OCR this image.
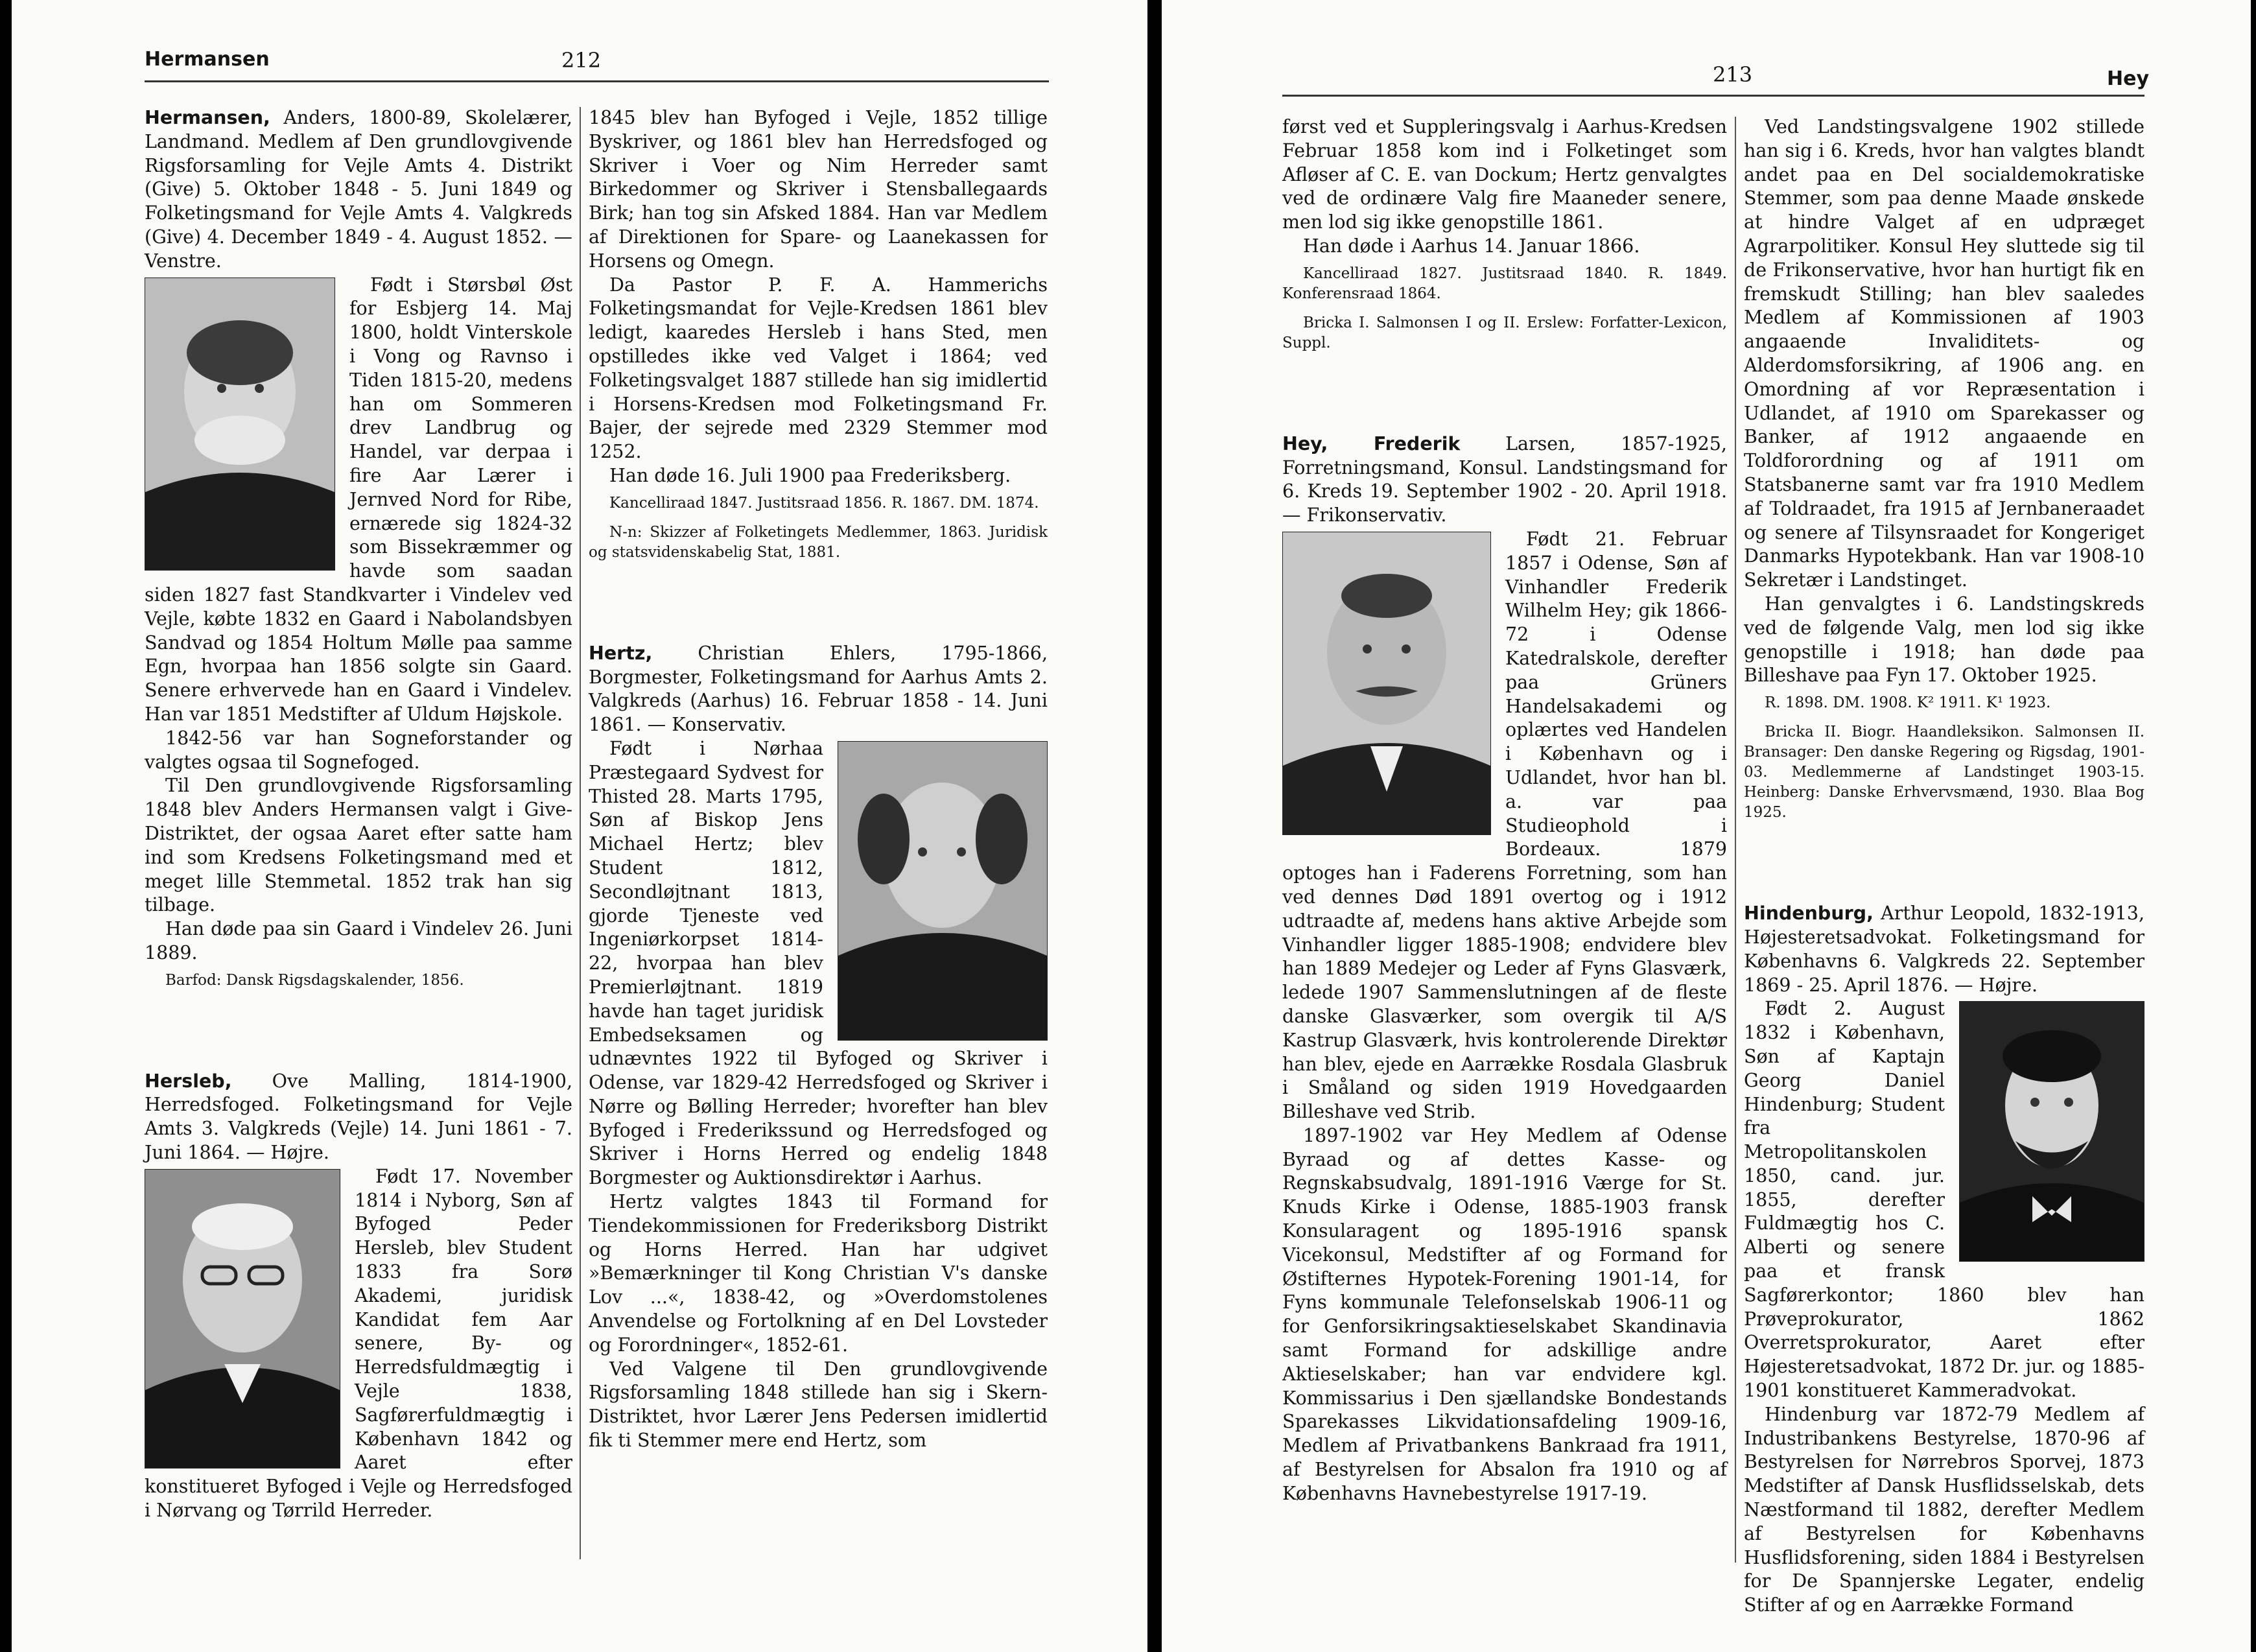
Hermansen	212

Hermansen, Anders, 1800-89, Skolelærer, Landmand. Medlem af Den grundlovgivende Rigsforsamling for Vejle Amts 4. Distrikt (Give) 5. Oktober 1848 - 5. Juni 1849 og Folketingsmand for Vejle Amts 4. Valgkreds (Give) 4. December 1849 - 4. August 1852. — Venstre.

Født i Størsbøl Øst for Esbjerg 14. Maj 1800, holdt Vinterskole i Vong og Ravnso i Tiden 1815-20, medens han om Sommeren drev Landbrug og Handel, var derpaa i fire Aar Lærer i Jernved Nord for Ribe, ernærede sig 1824-32 som Bissekræmmer og havde som saadan siden 1827 fast Standkvarter i Vindelev ved Vejle, købte 1832 en Gaard i Nabolandsbyen Sandvad og 1854 Holtum Mølle paa samme Egn, hvorpaa han 1856 solgte sin Gaard. Senere erhvervede han en Gaard i Vindelev. Han var 1851 Medstifter af Uldum Højskole.

1842-56 var han Sogneforstander og valgtes ogsaa til Sognefoged.

Til Den grundlovgivende Rigsforsamling 1848 blev Anders Hermansen valgt i Give-Distriktet, der ogsaa Aaret efter satte ham ind som Kredsens Folketingsmand med et meget lille Stemmetal. 1852 trak han sig tilbage.

Han døde paa sin Gaard i Vindelev 26. Juni 1889.

Barfod: Dansk Rigsdagskalender, 1856.

Hersleb, Ove Malling, 1814-1900, Herredsfoged. Folketingsmand for Vejle Amts 3. Valgkreds (Vejle) 14. Juni 1861 - 7. Juni 1864. — Højre.

Født 17. November 1814 i Nyborg, Søn af Byfoged Peder Hersleb, blev Student 1833 fra Sorø Akademi, juridisk Kandidat fem Aar senere, By- og Herredsfuldmægtig i Vejle 1838, Sagførerfuldmægtig i København 1842 og Aaret efter konstitueret Byfoged i Vejle og Herredsfoged i Nørvang og Tørrild Herreder.

1845 blev han Byfoged i Vejle, 1852 tillige Byskriver, og 1861 blev han Herredsfoged og Skriver i Voer og Nim Herreder samt Birkedommer og Skriver i Stensballegaards Birk; han tog sin Afsked 1884. Han var Medlem af Direktionen for Spare- og Laanekassen for Horsens og Omegn.

Da Pastor P. F. A. Hammerichs Folketingsmandat for Vejle-Kredsen 1861 blev ledigt, kaaredes Hersleb i hans Sted, men opstilledes ikke ved Valget i 1864; ved Folketingsvalget 1887 stillede han sig imidlertid i Horsens-Kredsen mod Folketingsmand Fr. Bajer, der sejrede med 2329 Stemmer mod 1252.

Han døde 16. Juli 1900 paa Frederiksberg.

Kancelliraad 1847. Justitsraad 1856. R. 1867. DM. 1874.

N-n: Skizzer af Folketingets Medlemmer, 1863. Juridisk og statsvidenskabelig Stat, 1881.

Hertz, Christian Ehlers, 1795-1866, Borgmester, Folketingsmand for Aarhus Amts 2. Valgkreds (Aarhus) 16. Februar 1858 - 14. Juni 1861. — Konservativ.

Født i Nørhaa Præstegaard Sydvest for Thisted 28. Marts 1795, Søn af Biskop Jens Michael Hertz; blev Student 1812, Secondløjtnant 1813, gjorde Tjeneste ved Ingeniørkorpset 1814-22, hvorpaa han blev Premierløjtnant. 1819 havde han taget juridisk Embedseksamen og udnævntes 1922 til Byfoged og Skriver i Odense, var 1829-42 Herredsfoged og Skriver i Nørre og Bølling Herreder; hvorefter han blev Byfoged i Frederikssund og Herredsfoged og Skriver i Horns Herred og endelig 1848 Borgmester og Auktionsdirektør i Aarhus.

Hertz valgtes 1843 til Formand for Tiendekommissionen for Frederiksborg Distrikt og Horns Herred. Han har udgivet »Bemærkninger til Kong Christian V's danske Lov ...«, 1838-42, og »Overdomstolenes Anvendelse og Fortolkning af en Del Lovsteder og Forordninger«, 1852-61.

Ved Valgene til Den grundlovgivende Rigsforsamling 1848 stillede han sig i Skern-Distriktet, hvor Lærer Jens Pedersen imidlertid fik ti Stemmer mere end Hertz, som

213	Hey

først ved et Suppleringsvalg i Aarhus-Kredsen Februar 1858 kom ind i Folketinget som Afløser af C. E. van Dockum; Hertz genvalgtes ved de ordinære Valg fire Maaneder senere, men lod sig ikke genopstille 1861.

Han døde i Aarhus 14. Januar 1866.

Kancelliraad 1827. Justitsraad 1840. R. 1849. Konferensraad 1864.

Bricka I. Salmonsen I og II. Erslew: Forfatter-Lexicon, Suppl.

Hey, Frederik Larsen, 1857-1925, Forretningsmand, Konsul. Landstingsmand for 6. Kreds 19. September 1902 - 20. April 1918. — Frikonservativ.

Født 21. Februar 1857 i Odense, Søn af Vinhandler Frederik Wilhelm Hey; gik 1866-72 i Odense Katedralskole, derefter paa Grüners Handelsakademi og oplærtes ved Handelen i København og i Udlandet, hvor han bl. a. var paa Studieophold i Bordeaux. 1879 optoges han i Faderens Forretning, som han ved dennes Død 1891 overtog og i 1912 udtraadte af, medens hans aktive Arbejde som Vinhandler ligger 1885-1908; endvidere blev han 1889 Medejer og Leder af Fyns Glasværk, ledede 1907 Sammenslutningen af de fleste danske Glasværker, som overgik til A/S Kastrup Glasværk, hvis kontrolerende Direktør han blev, ejede en Aarrække Rosdala Glasbruk i Småland og siden 1919 Hovedgaarden Billeshave ved Strib.

1897-1902 var Hey Medlem af Odense Byraad og af dettes Kasse- og Regnskabsudvalg, 1891-1916 Værge for St. Knuds Kirke i Odense, 1885-1903 fransk Konsularagent og 1895-1916 spansk Vicekonsul, Medstifter af og Formand for Østifternes Hypotek-Forening 1901-14, for Fyns kommunale Telefonselskab 1906-11 og for Genforsikringsaktieselskabet Skandinavia samt Formand for adskillige andre Aktieselskaber; han var endvidere kgl. Kommissarius i Den sjællandske Bondestands Sparekasses Likvidationsafdeling 1909-16, Medlem af Privatbankens Bankraad fra 1911, af Bestyrelsen for Absalon fra 1910 og af Københavns Havnebestyrelse 1917-19.

Ved Landstingsvalgene 1902 stillede han sig i 6. Kreds, hvor han valgtes blandt andet paa en Del socialdemokratiske Stemmer, som paa denne Maade ønskede at hindre Valget af en udpræget Agrarpolitiker. Konsul Hey sluttede sig til de Frikonservative, hvor han hurtigt fik en fremskudt Stilling; han blev saaledes Medlem af Kommissionen af 1903 angaaende Invaliditets- og Alderdomsforsikring, af 1906 ang. en Omordning af vor Repræsentation i Udlandet, af 1910 om Sparekasser og Banker, af 1912 angaaende en Toldforordning og af 1911 om Statsbanerne samt var fra 1910 Medlem af Toldraadet, fra 1915 af Jernbaneraadet og senere af Tilsynsraadet for Kongeriget Danmarks Hypotekbank. Han var 1908-10 Sekretær i Landstinget.

Han genvalgtes i 6. Landstingskreds ved de følgende Valg, men lod sig ikke genopstille i 1918; han døde paa Billeshave paa Fyn 17. Oktober 1925.

R. 1898. DM. 1908. K² 1911. K¹ 1923.

Bricka II. Biogr. Haandleksikon. Salmonsen II. Bransager: Den danske Regering og Rigsdag, 1901-03. Medlemmerne af Landstinget 1903-15. Heinberg: Danske Erhvervsmænd, 1930. Blaa Bog 1925.

Hindenburg, Arthur Leopold, 1832-1913, Højesteretsadvokat. Folketingsmand for Københavns 6. Valgkreds 22. September 1869 - 25. April 1876. — Højre.

Født 2. August 1832 i København, Søn af Kaptajn Georg Daniel Hindenburg; Student fra Metropolitanskolen 1850, cand. jur. 1855, derefter Fuldmægtig hos C. Alberti og senere paa et fransk Sagførerkontor; 1860 blev han Prøveprokurator, 1862 Overretsprokurator, Aaret efter Højesteretsadvokat, 1872 Dr. jur. og 1885-1901 konstitueret Kammeradvokat.

Hindenburg var 1872-79 Medlem af Industribankens Bestyrelse, 1870-96 af Bestyrelsen for Nørrebros Sporvej, 1873 Medstifter af Dansk Husflidsselskab, dets Næstformand til 1882, derefter Medlem af Bestyrelsen for Københavns Husflidsforening, siden 1884 i Bestyrelsen for De Spannjerske Legater, endelig Stifter af og en Aarrække Formand
